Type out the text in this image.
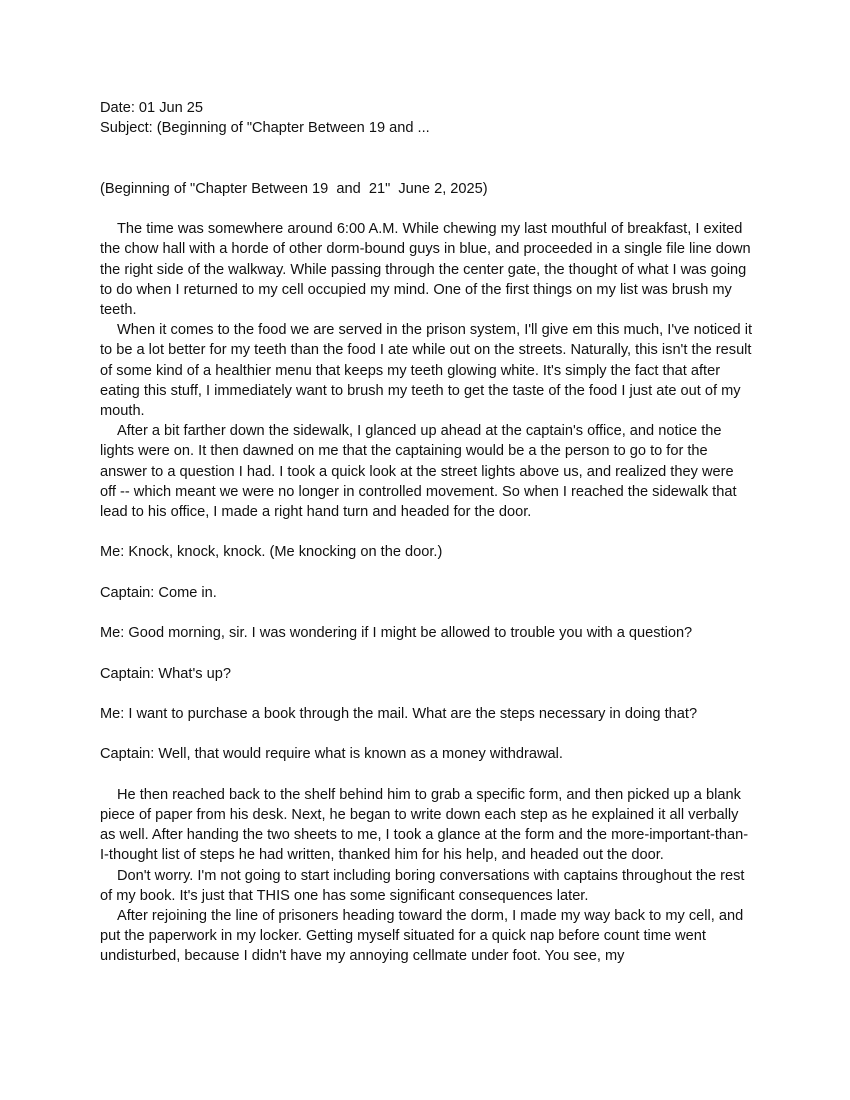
Date: 01 Jun 25

Subject: (Beginning of "Chapter Between 19 and ...

(Beginning of "Chapter Between 19  and  21"  June 2, 2025)

The time was somewhere around 6:00 A.M. While chewing my last mouthful of breakfast, I exited the chow hall with a horde of other dorm-bound guys in blue, and proceeded in a single file line down the right side of the walkway. While passing through the center gate, the thought of what I was going to do when I returned to my cell occupied my mind. One of the first things on my list was brush my teeth.

When it comes to the food we are served in the prison system, I'll give em this much, I've noticed it to be a lot better for my teeth than the food I ate while out on the streets. Naturally, this isn't the result of some kind of a healthier menu that keeps my teeth glowing white. It's simply the fact that after eating this stuff, I immediately want to brush my teeth to get the taste of the food I just ate out of my mouth.

After a bit farther down the sidewalk, I glanced up ahead at the captain's office, and notice the lights were on. It then dawned on me that the captaining would be a the person to go to for the answer to a question I had. I took a quick look at the street lights above us, and realized they were off -- which meant we were no longer in controlled movement. So when I reached the sidewalk that lead to his office, I made a right hand turn and headed for the door.

Me: Knock, knock, knock. (Me knocking on the door.)

Captain: Come in.

Me: Good morning, sir. I was wondering if I might be allowed to trouble you with a question?

Captain: What's up?

Me: I want to purchase a book through the mail. What are the steps necessary in doing that?

Captain: Well, that would require what is known as a money withdrawal.

He then reached back to the shelf behind him to grab a specific form, and then picked up a blank piece of paper from his desk. Next, he began to write down each step as he explained it all verbally as well. After handing the two sheets to me, I took a glance at the form and the more-important-than-I-thought list of steps he had written, thanked him for his help, and headed out the door.

Don't worry. I'm not going to start including boring conversations with captains throughout the rest of my book. It's just that THIS one has some significant consequences later.

After rejoining the line of prisoners heading toward the dorm, I made my way back to my cell, and put the paperwork in my locker. Getting myself situated for a quick nap before count time went undisturbed, because I didn't have my annoying cellmate under foot. You see, my
